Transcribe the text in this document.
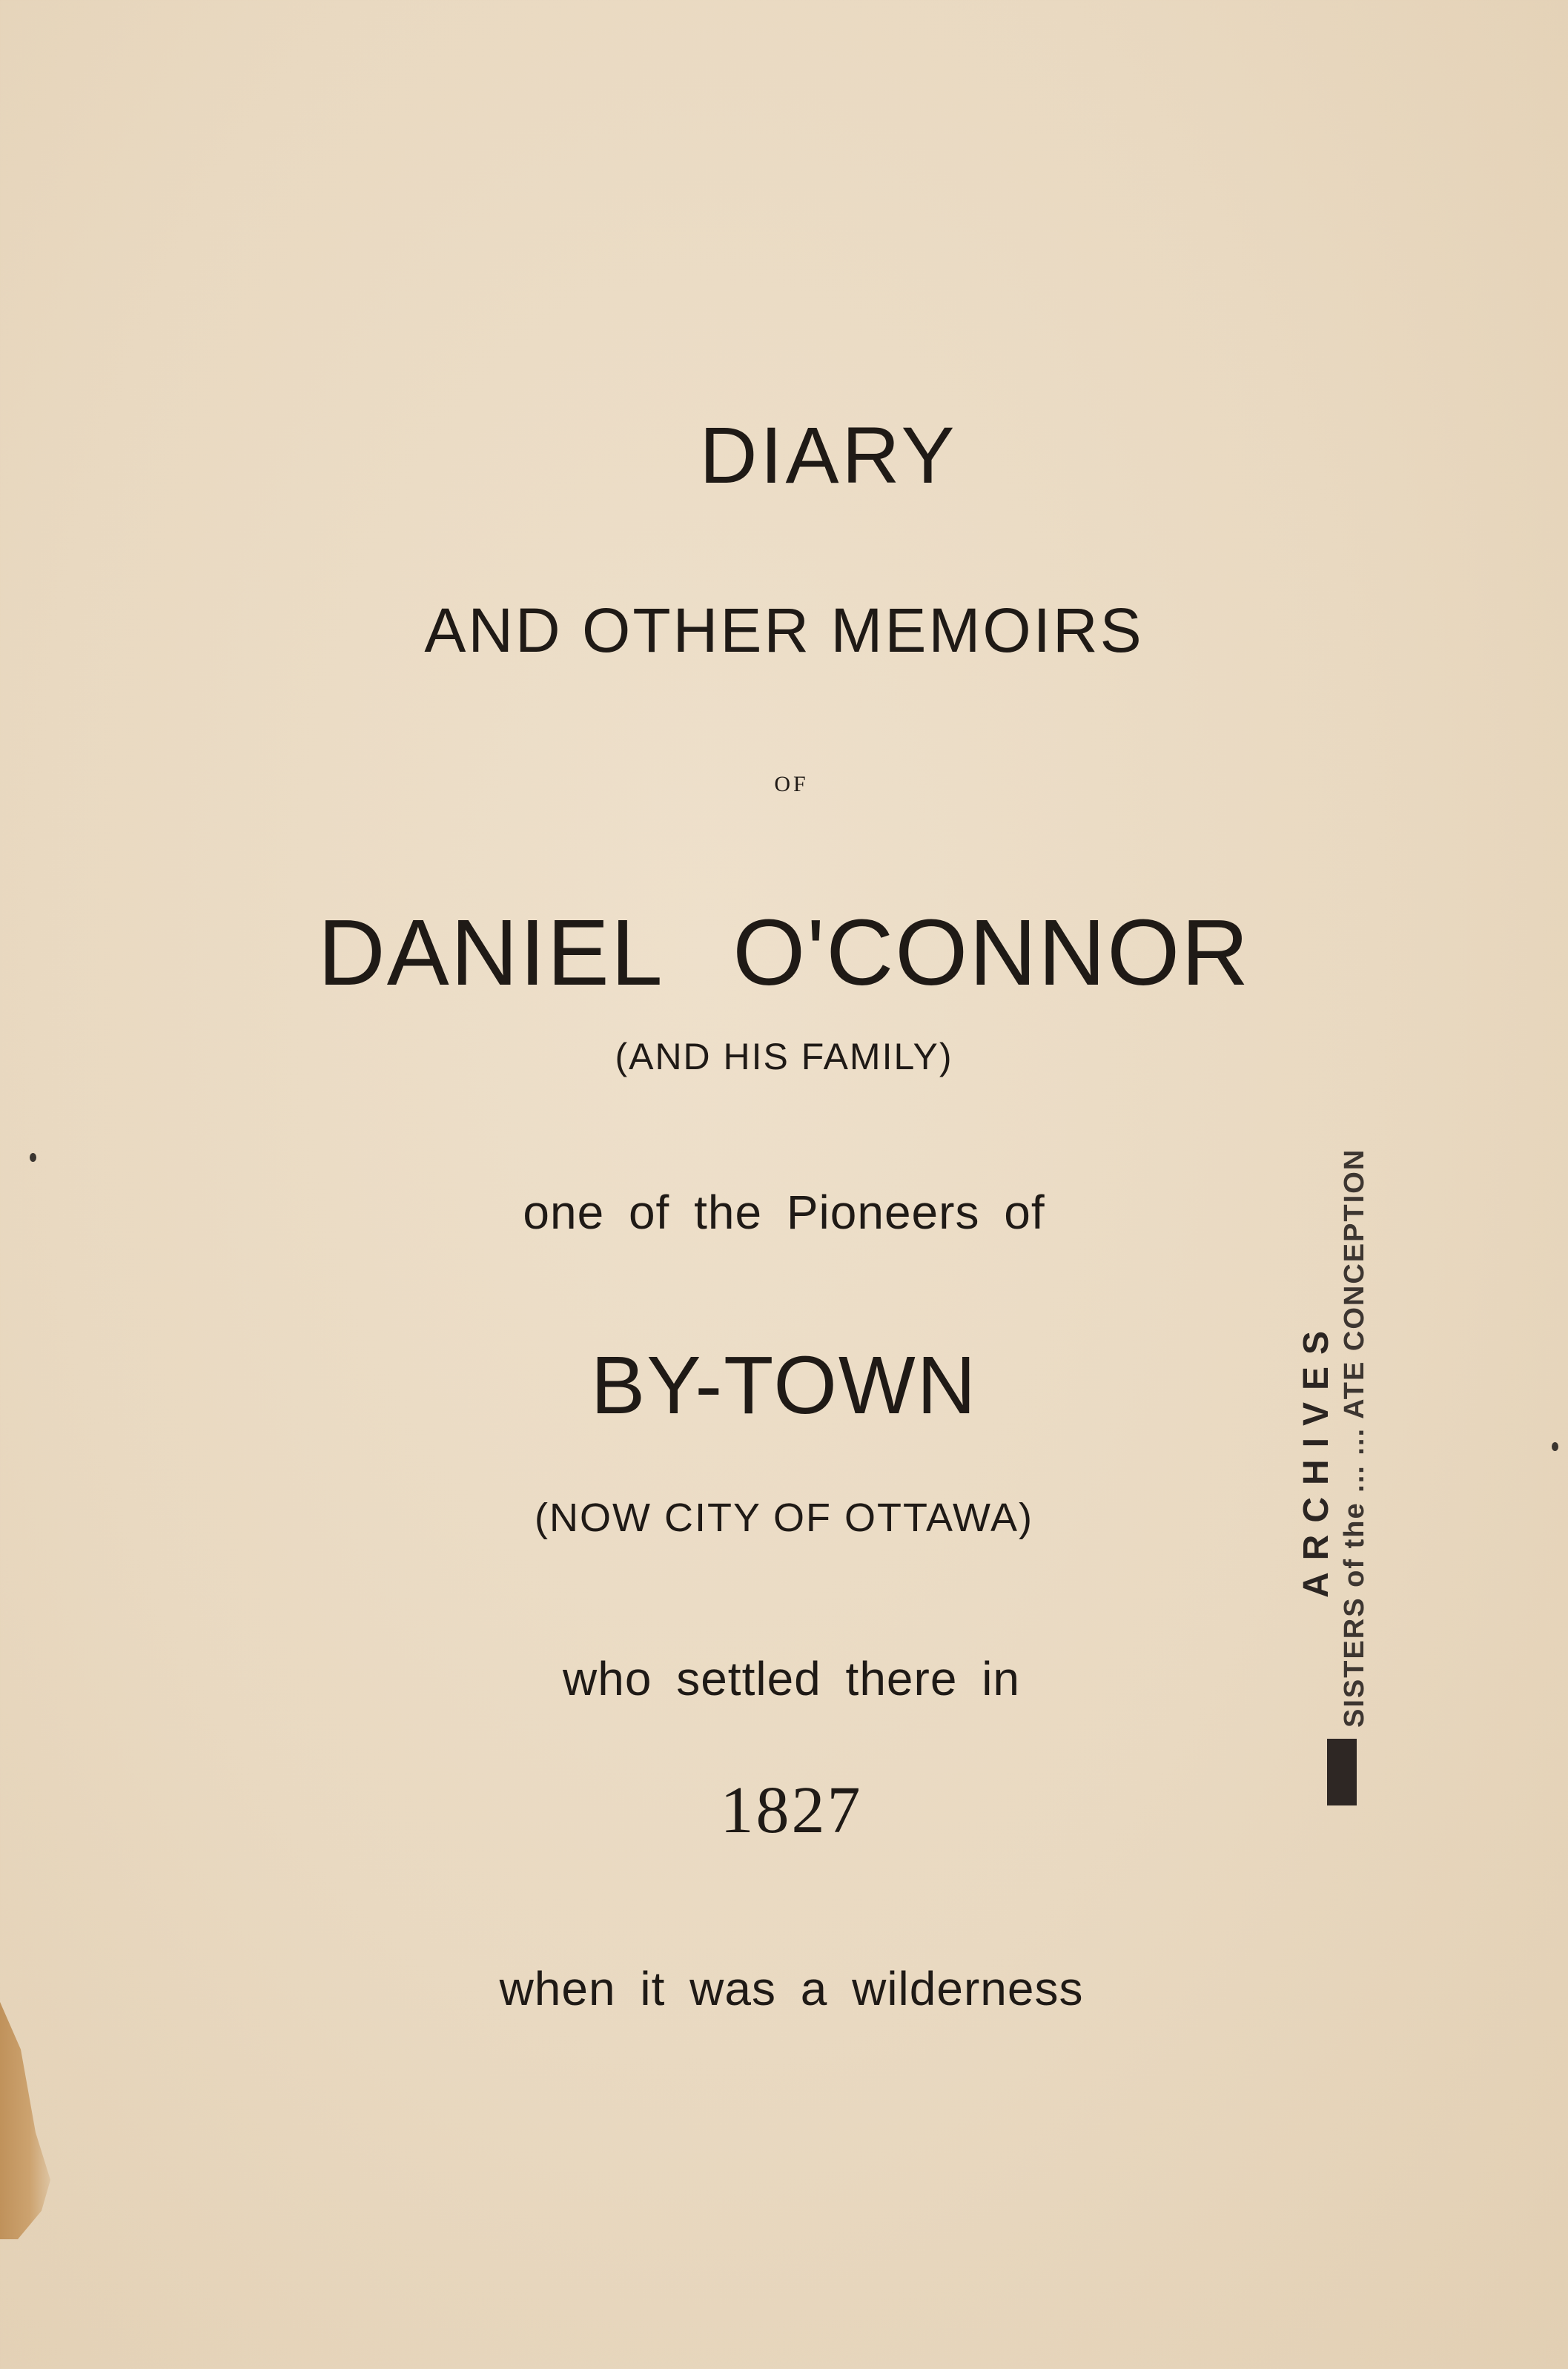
DIARY
AND OTHER MEMOIRS
OF
DANIEL O'CONNOR
(AND HIS FAMILY)
one of the Pioneers of
BY-TOWN
(NOW CITY OF OTTAWA)
who settled there in
1827
when it was a wilderness
ARCHIVES SISTERS of the ... ... ATE CONCEPTION
